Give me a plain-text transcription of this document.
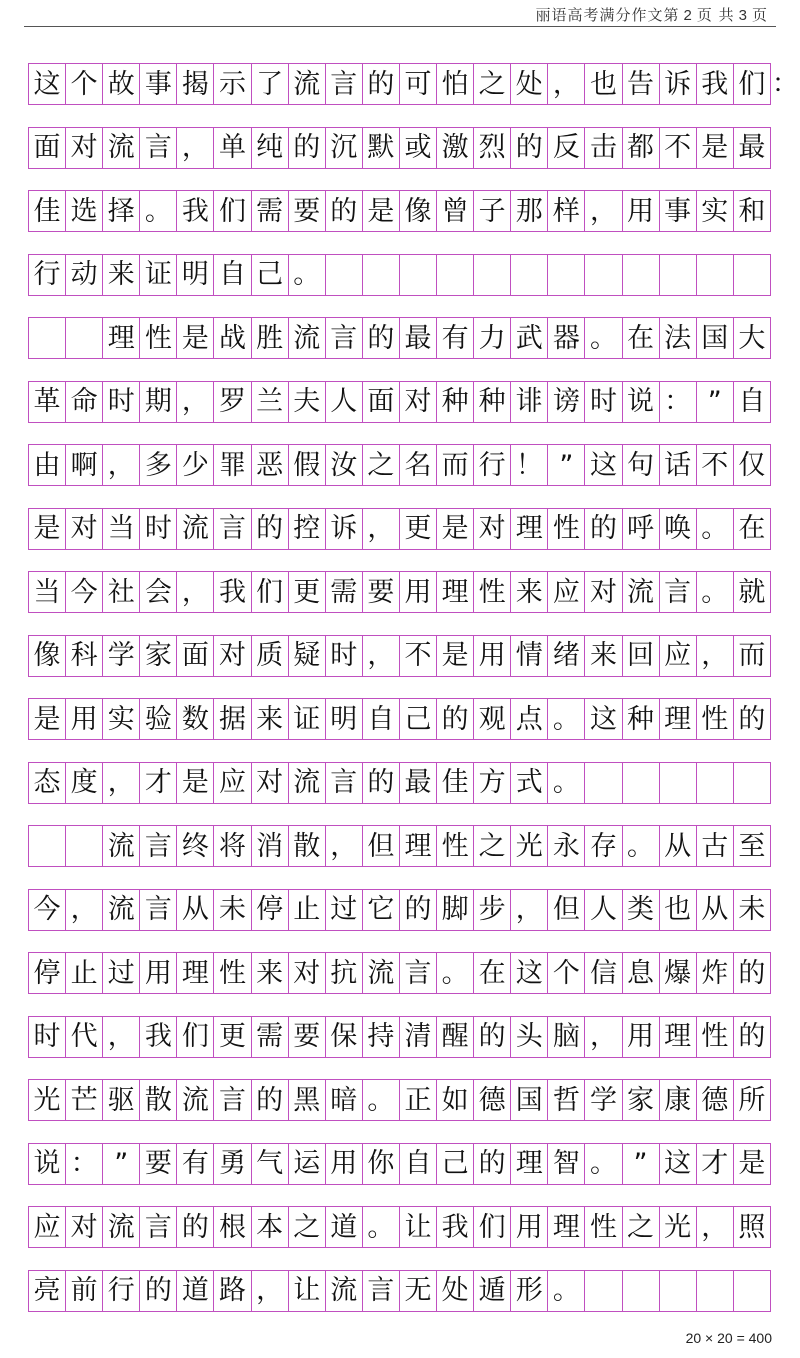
丽语高考满分作文第 2 页 共 3 页
这 个 故 事 揭 示 了 流 言 的 可 怕 之 处 ， 也 告 诉 我 们
面 对 流 言 ， 单 纯 的 沉 默 或 激 烈 的 反 击 都 不 是 最
佳 选 择 。 我 们 需 要 的 是 像 曾 子 那 样 ， 用 事 实 和
行 动 来 证 明 自 己 。
理 性 是 战 胜 流 言 的 最 有 力 武 器 。 在 法 国 大
革 命 时 期 ， 罗 兰 夫 人 面 对 种 种 诽 谤 时 说 ： ” 自
由 啊 ， 多 少 罪 恶 假 汝 之 名 而 行 ！ ” 这 句 话 不 仅
是 对 当 时 流 言 的 控 诉 ， 更 是 对 理 性 的 呼 唤 。 在
当 今 社 会 ， 我 们 更 需 要 用 理 性 来 应 对 流 言 。 就
像 科 学 家 面 对 质 疑 时 ， 不 是 用 情 绪 来 回 应 ， 而
是 用 实 验 数 据 来 证 明 自 己 的 观 点 。 这 种 理 性 的
态 度 ， 才 是 应 对 流 言 的 最 佳 方 式 。
流 言 终 将 消 散 ， 但 理 性 之 光 永 存 。 从 古 至
今 ， 流 言 从 未 停 止 过 它 的 脚 步 ， 但 人 类 也 从 未
停 止 过 用 理 性 来 对 抗 流 言 。 在 这 个 信 息 爆 炸 的
时 代 ， 我 们 更 需 要 保 持 清 醒 的 头 脑 ， 用 理 性 的
光 芒 驱 散 流 言 的 黑 暗 。 正 如 德 国 哲 学 家 康 德 所
说 ： ” 要 有 勇 气 运 用 你 自 己 的 理 智 。 ” 这 才 是
应 对 流 言 的 根 本 之 道 。 让 我 们 用 理 性 之 光 ， 照
亮 前 行 的 道 路 ， 让 流 言 无 处 遁 形 。
：
20 × 20 = 400
